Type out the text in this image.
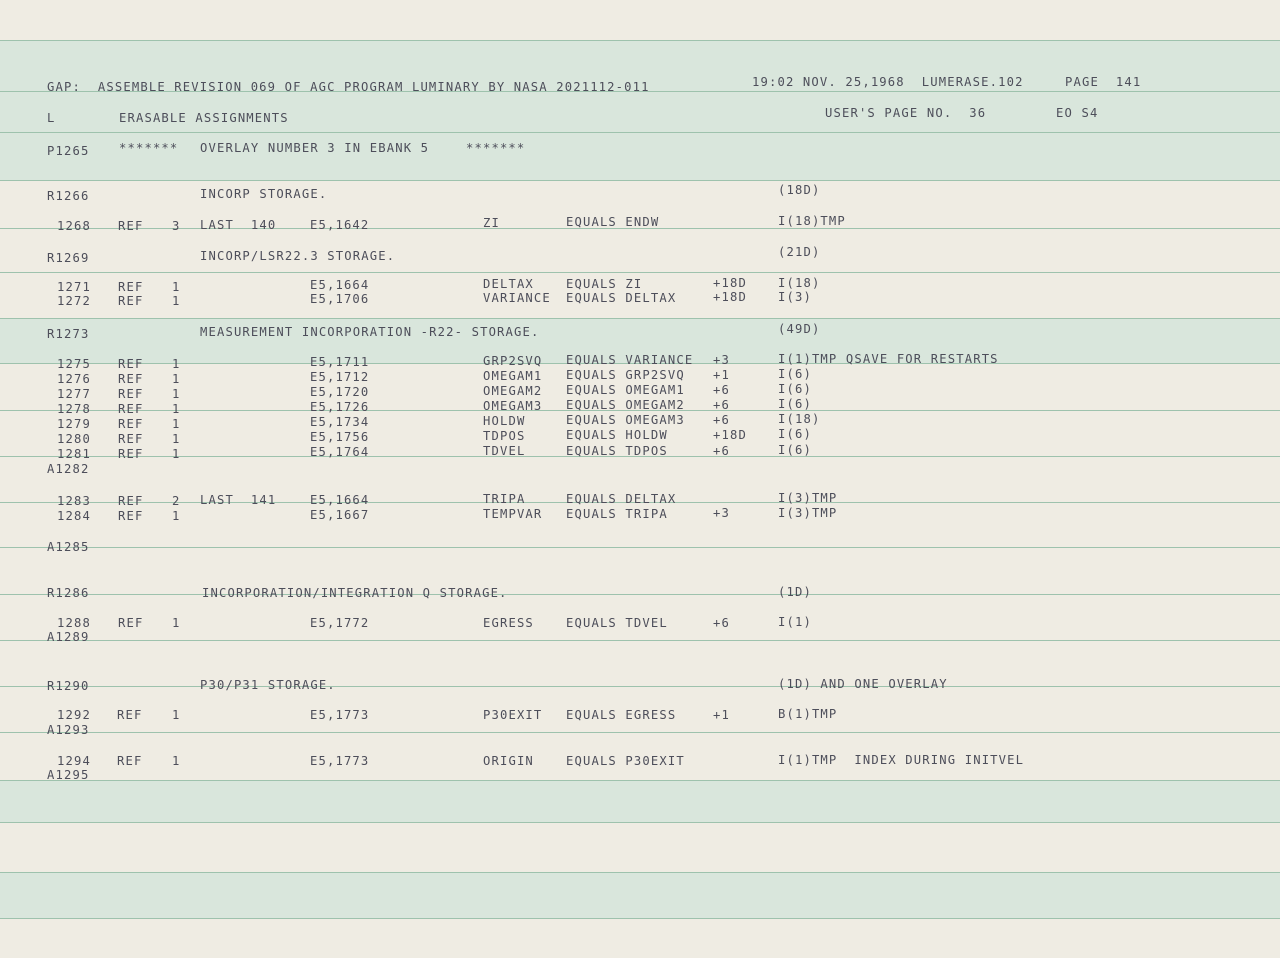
GAP:  ASSEMBLE REVISION 069 OF AGC PROGRAM LUMINARY BY NASA 2021112-011	19:02 NOV. 25,1968  LUMERASE.102	PAGE  141
L	ERASABLE ASSIGNMENTS	USER'S PAGE NO.  36	EO S4
P1265 ******* OVERLAY NUMBER 3 IN EBANK 5	*******
R1266	INCORP STORAGE.	(18D)
1268 REF 3 LAST  140	E5,1642	ZI	EQUALS ENDW	I(18)TMP
R1269	INCORP/LSR22.3 STORAGE.	(21D)
1271 REF 1	E5,1664	DELTAX	EQUALS ZI	+18D	I(18)
1272 REF 1	E5,1706	VARIANCE EQUALS DELTAX	+18D	I(3)
R1273	MEASUREMENT INCORPORATION -R22- STORAGE.	(49D)
1275 REF 1	E5,1711	GRP2SVQ EQUALS VARIANCE +3	I(1)TMP QSAVE FOR RESTARTS
1276 REF 1	E5,1712	OMEGAM1 EQUALS GRP2SVQ +1	I(6)
1277 REF 1	E5,1720	OMEGAM2 EQUALS OMEGAM1 +6	I(6)
1278 REF 1	E5,1726	OMEGAM3 EQUALS OMEGAM2 +6	I(6)
1279 REF 1	E5,1734	HOLDW	EQUALS OMEGAM3 +6	I(18)
1280 REF 1	E5,1756	TDPOS	EQUALS HOLDW	+18D	I(6)
1281 REF 1	E5,1764	TDVEL	EQUALS TDPOS	+6	I(6)
A1282
1283 REF 2 LAST  141	E5,1664	TRIPA	EQUALS DELTAX	I(3)TMP
1284 REF 1	E5,1667	TEMPVAR EQUALS TRIPA	+3	I(3)TMP
A1285
R1286	INCORPORATION/INTEGRATION Q STORAGE.	(1D)
1288 REF 1	E5,1772	EGRESS	EQUALS TDVEL	+6	I(1)
A1289
R1290	P30/P31 STORAGE.	(1D) AND ONE OVERLAY
1292 REF 1	E5,1773	P30EXIT EQUALS EGRESS	+1	B(1)TMP
A1293
1294 REF 1	E5,1773	ORIGIN	EQUALS P30EXIT	I(1)TMP  INDEX DURING INITVEL
A1295
